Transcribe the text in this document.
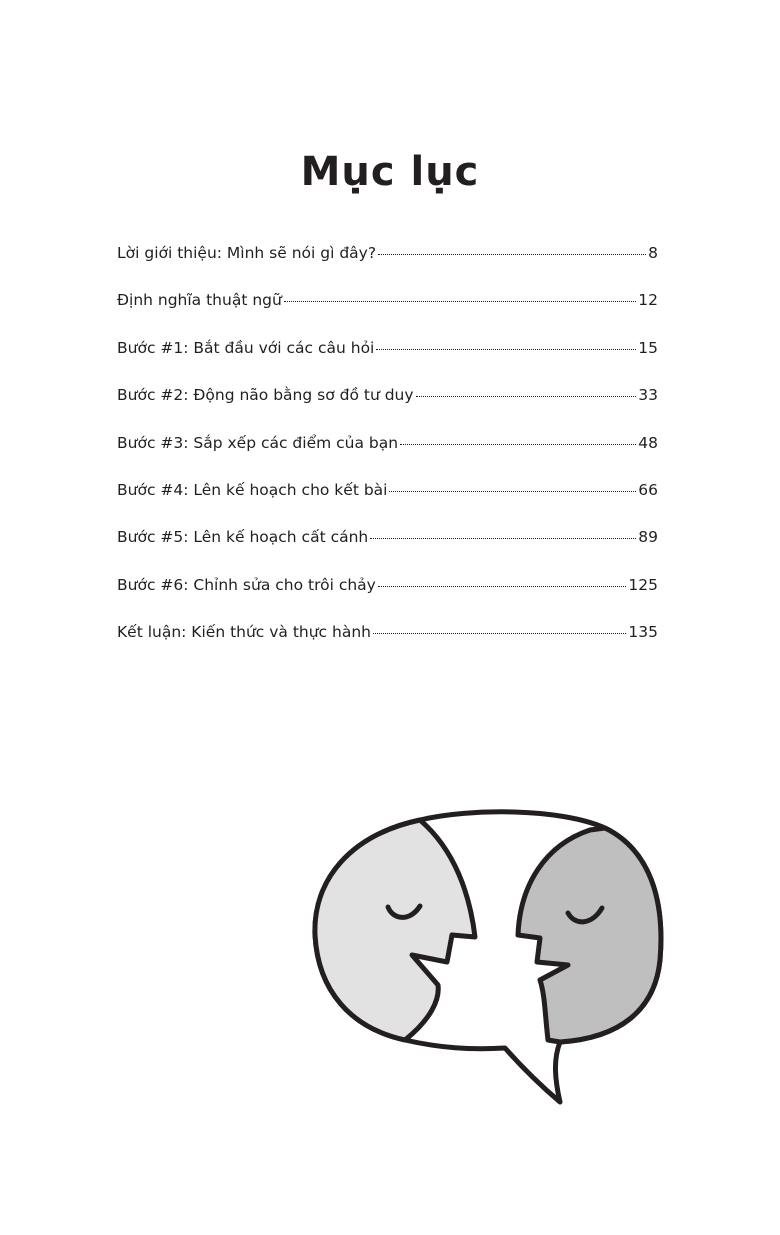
Mục lục
Lời giới thiệu: Mình sẽ nói gì đây?	8
Định nghĩa thuật ngữ	12
Bước #1: Bắt đầu với các câu hỏi	15
Bước #2: Động não bằng sơ đồ tư duy	33
Bước #3: Sắp xếp các điểm của bạn	48
Bước #4: Lên kế hoạch cho kết bài	66
Bước #5: Lên kế hoạch cất cánh	89
Bước #6: Chỉnh sửa cho trôi chảy	125
Kết luận: Kiến thức và thực hành	135
